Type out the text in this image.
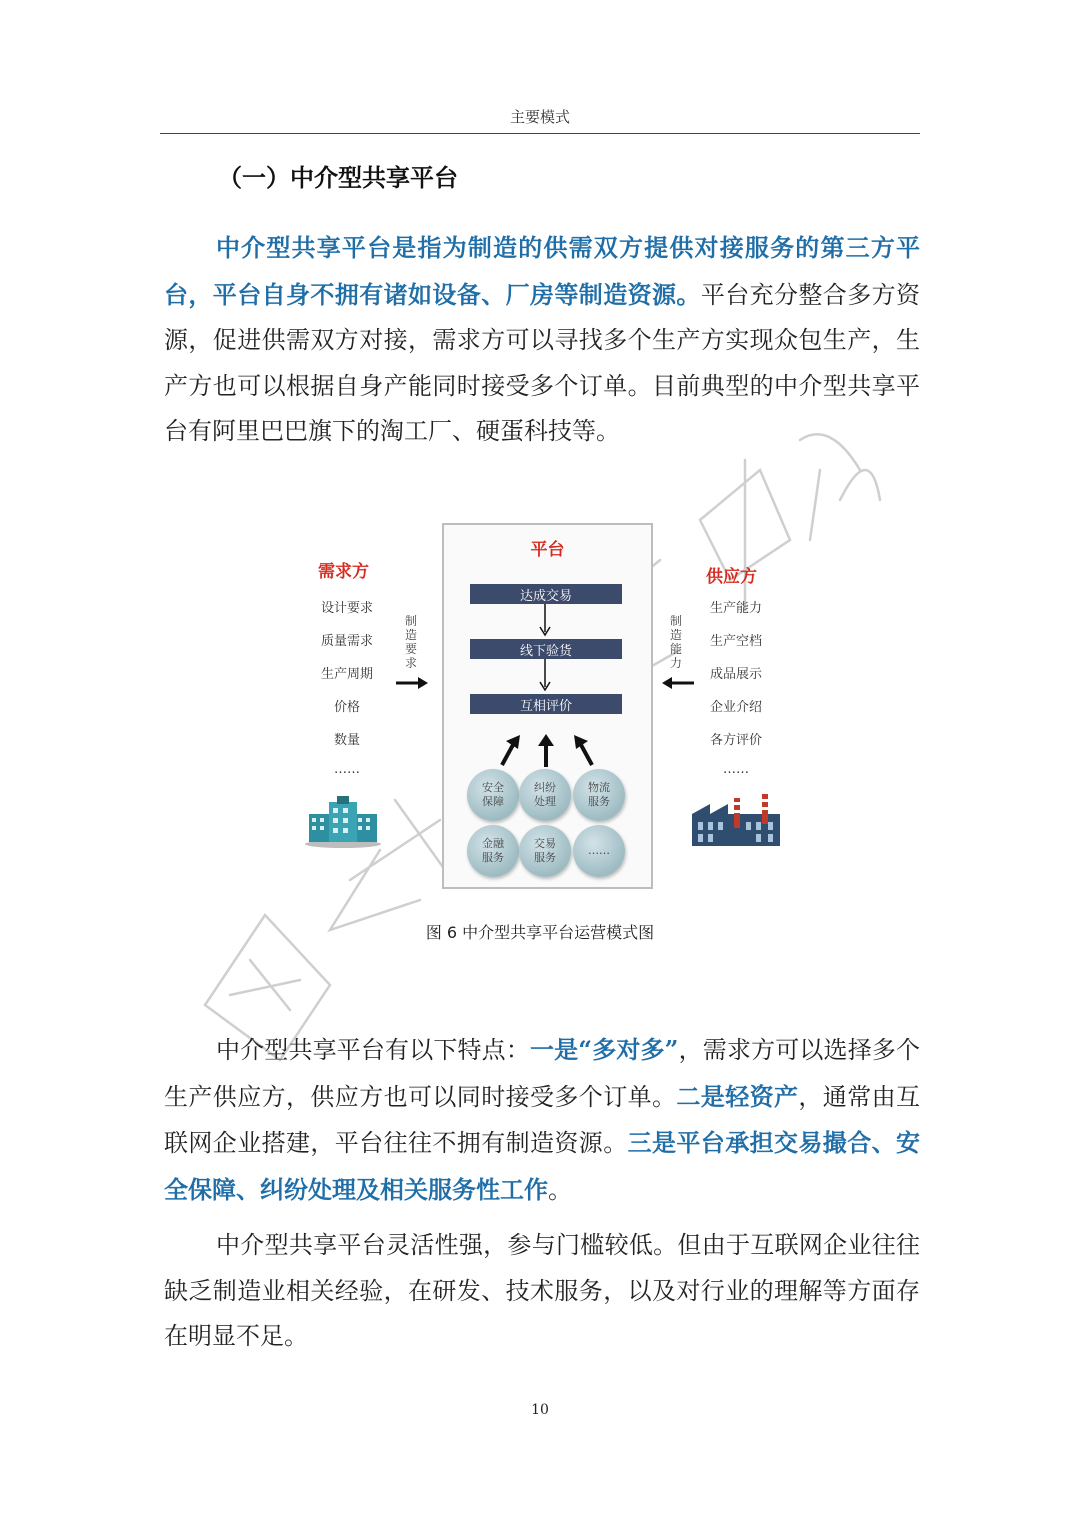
主要模式
（一）中介型共享平台
中介型共享平台是指为制造的供需双方提供对接服务的第三方平台，平台自身不拥有诸如设备、厂房等制造资源。平台充分整合多方资源，促进供需双方对接，需求方可以寻找多个生产方实现众包生产，生产方也可以根据自身产能同时接受多个订单。目前典型的中介型共享平台有阿里巴巴旗下的淘工厂、硬蛋科技等。
需求方
设计要求
质量需求
生产周期
价格
数量
……
制造要求
平台
达成交易
线下验货
互相评价
安全保障
纠纷处理
物流服务
金融服务
交易服务
……
制造能力
供应方
生产能力
生产空档
成品展示
企业介绍
各方评价
……
图 6 中介型共享平台运营模式图
中介型共享平台有以下特点：一是“多对多”，需求方可以选择多个生产供应方，供应方也可以同时接受多个订单。二是轻资产，通常由互联网企业搭建，平台往往不拥有制造资源。三是平台承担交易撮合、安全保障、纠纷处理及相关服务性工作。
中介型共享平台灵活性强，参与门槛较低。但由于互联网企业往往缺乏制造业相关经验，在研发、技术服务，以及对行业的理解等方面存在明显不足。
10
